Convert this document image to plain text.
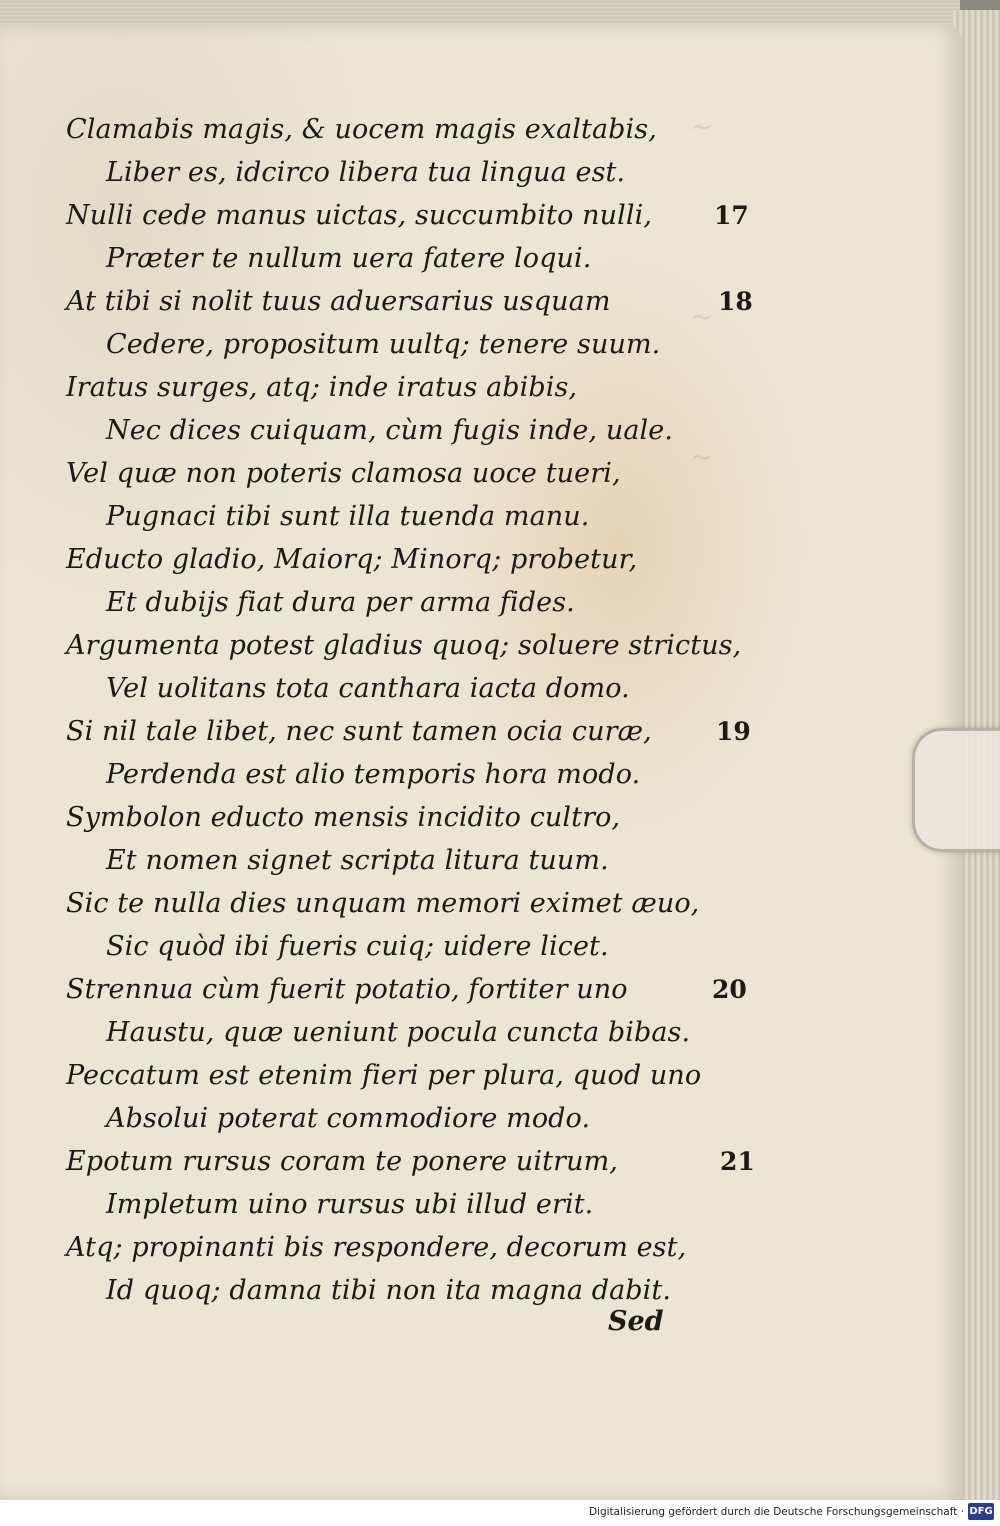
~
~
~
Clamabis magis, & uocem magis exaltabis,
Liber es, idcirco libera tua lingua est.
Nulli cede manus uictas, succumbito nulli,
Præter te nullum uera fatere loqui.
At tibi si nolit tuus aduersarius usquam
Cedere, propositum uultq; tenere suum.
Iratus surges, atq; inde iratus abibis,
Nec dices cuiquam, cùm fugis inde, uale.
Vel quæ non poteris clamosa uoce tueri,
Pugnaci tibi sunt illa tuenda manu.
Educto gladio, Maiorq; Minorq; probetur,
Et dubijs fiat dura per arma fides.
Argumenta potest gladius quoq; soluere strictus,
Vel uolitans tota canthara iacta domo.
Si nil tale libet, nec sunt tamen ocia curæ,
Perdenda est alio temporis hora modo.
Symbolon educto mensis incidito cultro,
Et nomen signet scripta litura tuum.
Sic te nulla dies unquam memori eximet æuo,
Sic quòd ibi fueris cuiq; uidere licet.
Strennua cùm fuerit potatio, fortiter uno
Haustu, quæ ueniunt pocula cuncta bibas.
Peccatum est etenim fieri per plura, quod uno
Absolui poterat commodiore modo.
Epotum rursus coram te ponere uitrum,
Impletum uino rursus ubi illud erit.
Atq; propinanti bis respondere, decorum est,
Id quoq; damna tibi non ita magna dabit.
17
18
19
20
21
Sed
Digitalisierung gefördert durch die Deutsche Forschungsgemeinschaft · DFG
